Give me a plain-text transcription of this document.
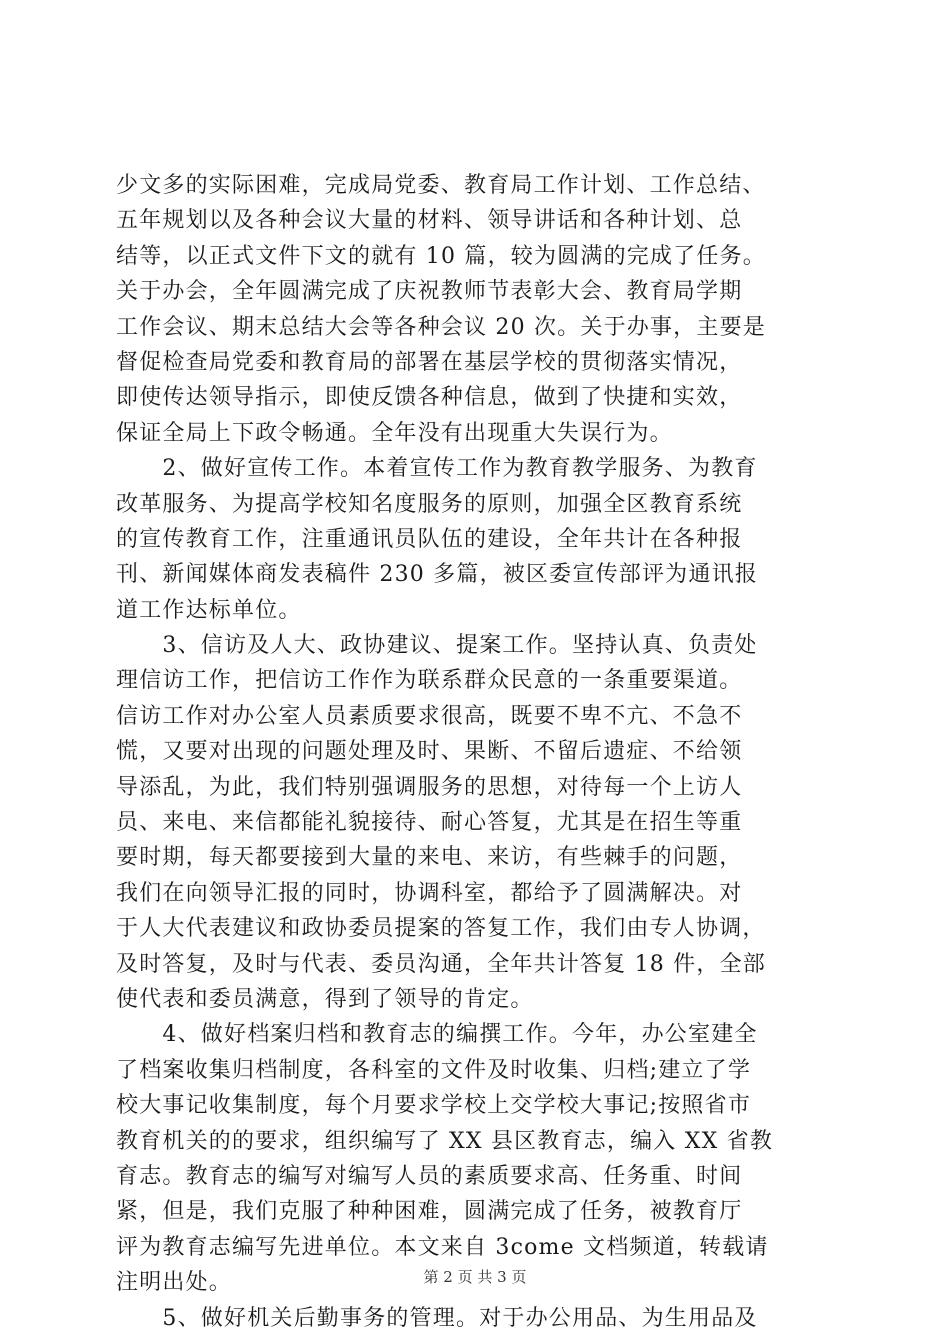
少文多的实际困难，完成局党委、教育局工作计划、工作总结、
五年规划以及各种会议大量的材料、领导讲话和各种计划、总
结等，以正式文件下文的就有 10 篇，较为圆满的完成了任务。
关于办会，全年圆满完成了庆祝教师节表彰大会、教育局学期
工作会议、期末总结大会等各种会议 20 次。关于办事，主要是
督促检查局党委和教育局的部署在基层学校的贯彻落实情况，
即使传达领导指示，即使反馈各种信息，做到了快捷和实效，
保证全局上下政令畅通。全年没有出现重大失误行为。
　　2、做好宣传工作。本着宣传工作为教育教学服务、为教育
改革服务、为提高学校知名度服务的原则，加强全区教育系统
的宣传教育工作，注重通讯员队伍的建设，全年共计在各种报
刊、新闻媒体商发表稿件 230 多篇，被区委宣传部评为通讯报
道工作达标单位。
　　3、信访及人大、政协建议、提案工作。坚持认真、负责处
理信访工作，把信访工作作为联系群众民意的一条重要渠道。
信访工作对办公室人员素质要求很高，既要不卑不亢、不急不
慌，又要对出现的问题处理及时、果断、不留后遗症、不给领
导添乱，为此，我们特别强调服务的思想，对待每一个上访人
员、来电、来信都能礼貌接待、耐心答复，尤其是在招生等重
要时期，每天都要接到大量的来电、来访，有些棘手的问题，
我们在向领导汇报的同时，协调科室，都给予了圆满解决。对
于人大代表建议和政协委员提案的答复工作，我们由专人协调，
及时答复，及时与代表、委员沟通，全年共计答复 18 件，全部
使代表和委员满意，得到了领导的肯定。
　　4、做好档案归档和教育志的编撰工作。今年，办公室建全
了档案收集归档制度，各科室的文件及时收集、归档;建立了学
校大事记收集制度，每个月要求学校上交学校大事记;按照省市
教育机关的的要求，组织编写了 XX 县区教育志，编入 XX 省教
育志。教育志的编写对编写人员的素质要求高、任务重、时间
紧，但是，我们克服了种种困难，圆满完成了任务，被教育厅
评为教育志编写先进单位。本文来自 3come 文档频道，转载请
注明出处。
　　5、做好机关后勤事务的管理。对于办公用品、为生用品及
第 2 页 共 3 页
